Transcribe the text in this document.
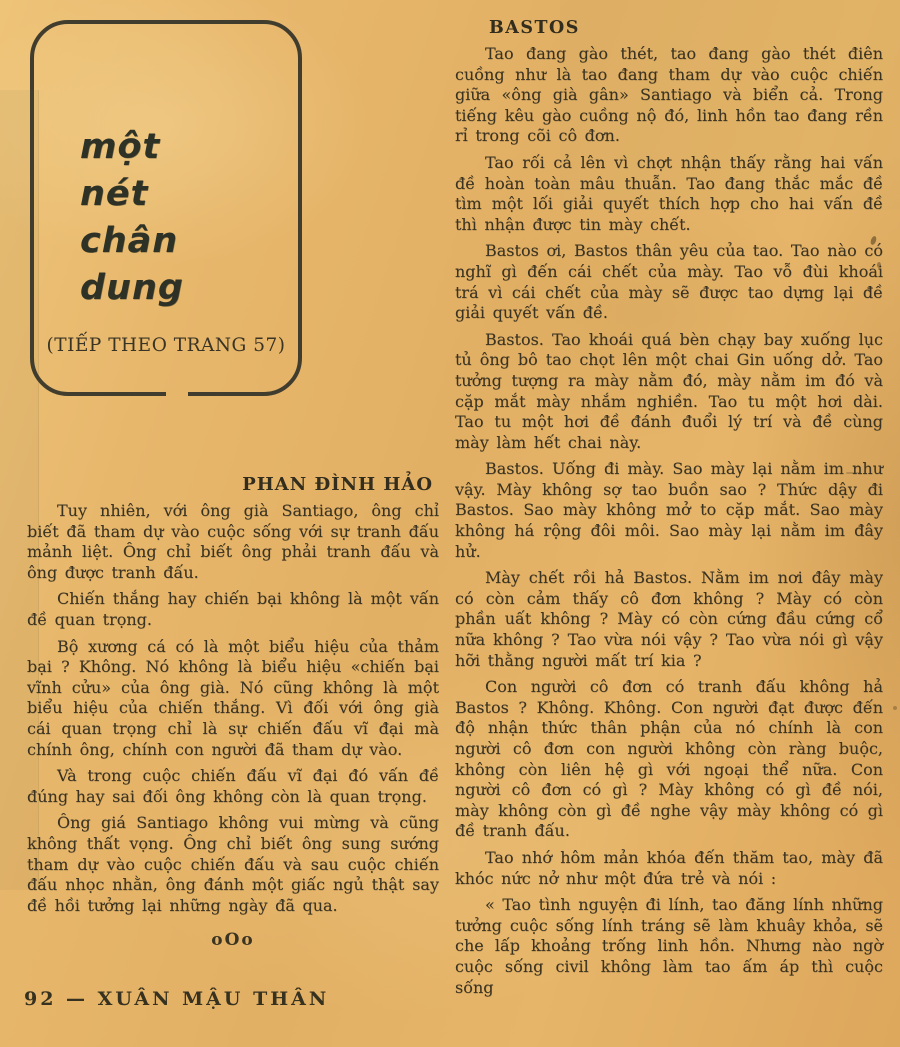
một
nét
chân
dung
(TIẾP THEO TRANG 57)
PHAN ĐÌNH HẢO

Tuy nhiên, với ông già Santiago, ông chỉ biết đã tham dự vào cuộc sống với sự tranh đấu mảnh liệt. Ông chỉ biết ông phải tranh đấu và ông được tranh đấu.

Chiến thắng hay chiến bại không là một vấn đề quan trọng.

Bộ xương cá có là một biểu hiệu của thảm bại ? Không. Nó không là biểu hiệu «chiến bại vĩnh cửu» của ông già. Nó cũng không là một biểu hiệu của chiến thắng. Vì đối với ông già cái quan trọng chỉ là sự chiến đấu vĩ đại mà chính ông, chính con người đã tham dự vào.

Và trong cuộc chiến đấu vĩ đại đó vấn đề đúng hay sai đối ông không còn là quan trọng.

Ông giá Santiago không vui mừng và cũng không thất vọng. Ông chỉ biết ông sung sướng tham dự vào cuộc chiến đấu và sau cuộc chiến đấu nhọc nhằn, ông đánh một giấc ngủ thật say đề hồi tưởng lại những ngày đã qua.

oOo
BASTOS

Tao đang gào thét, tao đang gào thét điên cuồng như là tao đang tham dự vào cuộc chiến giữa «ông già gân» Santiago và biển cả. Trong tiếng kêu gào cuồng nộ đó, linh hồn tao đang rền rỉ trong cõi cô đơn.

Tao rối cả lên vì chợt nhận thấy rằng hai vấn đề hoàn toàn mâu thuẫn. Tao đang thắc mắc đề tìm một lối giải quyết thích hợp cho hai vấn đề thì nhận được tin mày chết.

Bastos ơi, Bastos thân yêu của tao. Tao nào có nghĩ gì đến cái chết của mày. Tao vỗ đùi khoái trá vì cái chết của mày sẽ được tao dựng lại đề giải quyết vấn đề.

Bastos. Tao khoái quá bèn chạy bay xuống lục tủ ông bô tao chọt lên một chai Gin uống dở. Tao tưởng tượng ra mày nằm đó, mày nằm im đó và cặp mắt mày nhắm nghiền. Tao tu một hơi dài. Tao tu một hơi đề đánh đuổi lý trí và đề cùng mày làm hết chai này.

Bastos. Uống đi mày. Sao mày lại nằm im như vậy. Mày không sợ tao buồn sao ? Thức dậy đi Bastos. Sao mày không mở to cặp mắt. Sao mày không há rộng đôi môi. Sao mày lại nằm im đây hử.

Mày chết rồi hả Bastos. Nằm im nơi đây mày có còn cảm thấy cô đơn không ? Mày có còn phần uất không ? Mày có còn cứng đầu cứng cổ nữa không ? Tao vừa nói vậy ? Tao vừa nói gì vậy hỡi thằng người mất trí kia ?

Con người cô đơn có tranh đấu không hả Bastos ? Không. Không. Con người đạt được đến độ nhận thức thân phận của nó chính là con người cô đơn con người không còn ràng buộc, không còn liên hệ gì với ngoại thể nữa. Con người cô đơn có gì ? Mày không có gì đề nói, mày không còn gì đề nghe vậy mày không có gì đề tranh đấu.

Tao nhớ hôm mản khóa đến thăm tao, mày đã khóc nức nở như một đứa trẻ và nói :

« Tao tình nguyện đi lính, tao đăng lính những tưởng cuộc sống lính tráng sẽ làm khuây khỏa, sẽ che lấp khoảng trống linh hồn. Nhưng nào ngờ cuộc sống civil không làm tao ấm áp thì cuộc sống

92 — XUÂN MẬU THÂN
